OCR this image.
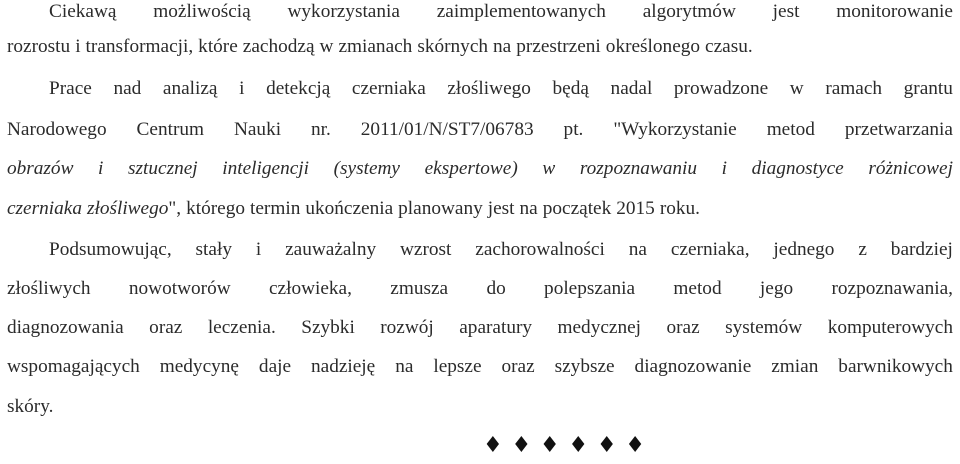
Ciekawą możliwością wykorzystania zaimplementowanych algorytmów jest monitorowanie
rozrostu i transformacji, które zachodzą w zmianach skórnych na przestrzeni określonego czasu.
Prace nad analizą i detekcją czerniaka złośliwego będą nadal prowadzone w ramach grantu
Narodowego Centrum Nauki nr. 2011/01/N/ST7/06783 pt. "Wykorzystanie metod przetwarzania
obrazów i sztucznej inteligencji (systemy ekspertowe) w rozpoznawaniu i diagnostyce różnicowej
czerniaka złośliwego", którego termin ukończenia planowany jest na początek 2015 roku.
Podsumowując, stały i zauważalny wzrost zachorowalności na czerniaka, jednego z bardziej
złośliwych nowotworów człowieka, zmusza do polepszania metod jego rozpoznawania,
diagnozowania oraz leczenia. Szybki rozwój aparatury medycznej oraz systemów komputerowych
wspomagających medycynę daje nadzieję na lepsze oraz szybsze diagnozowanie zmian barwnikowych
skóry.
♦ ♦ ♦ ♦ ♦ ♦
